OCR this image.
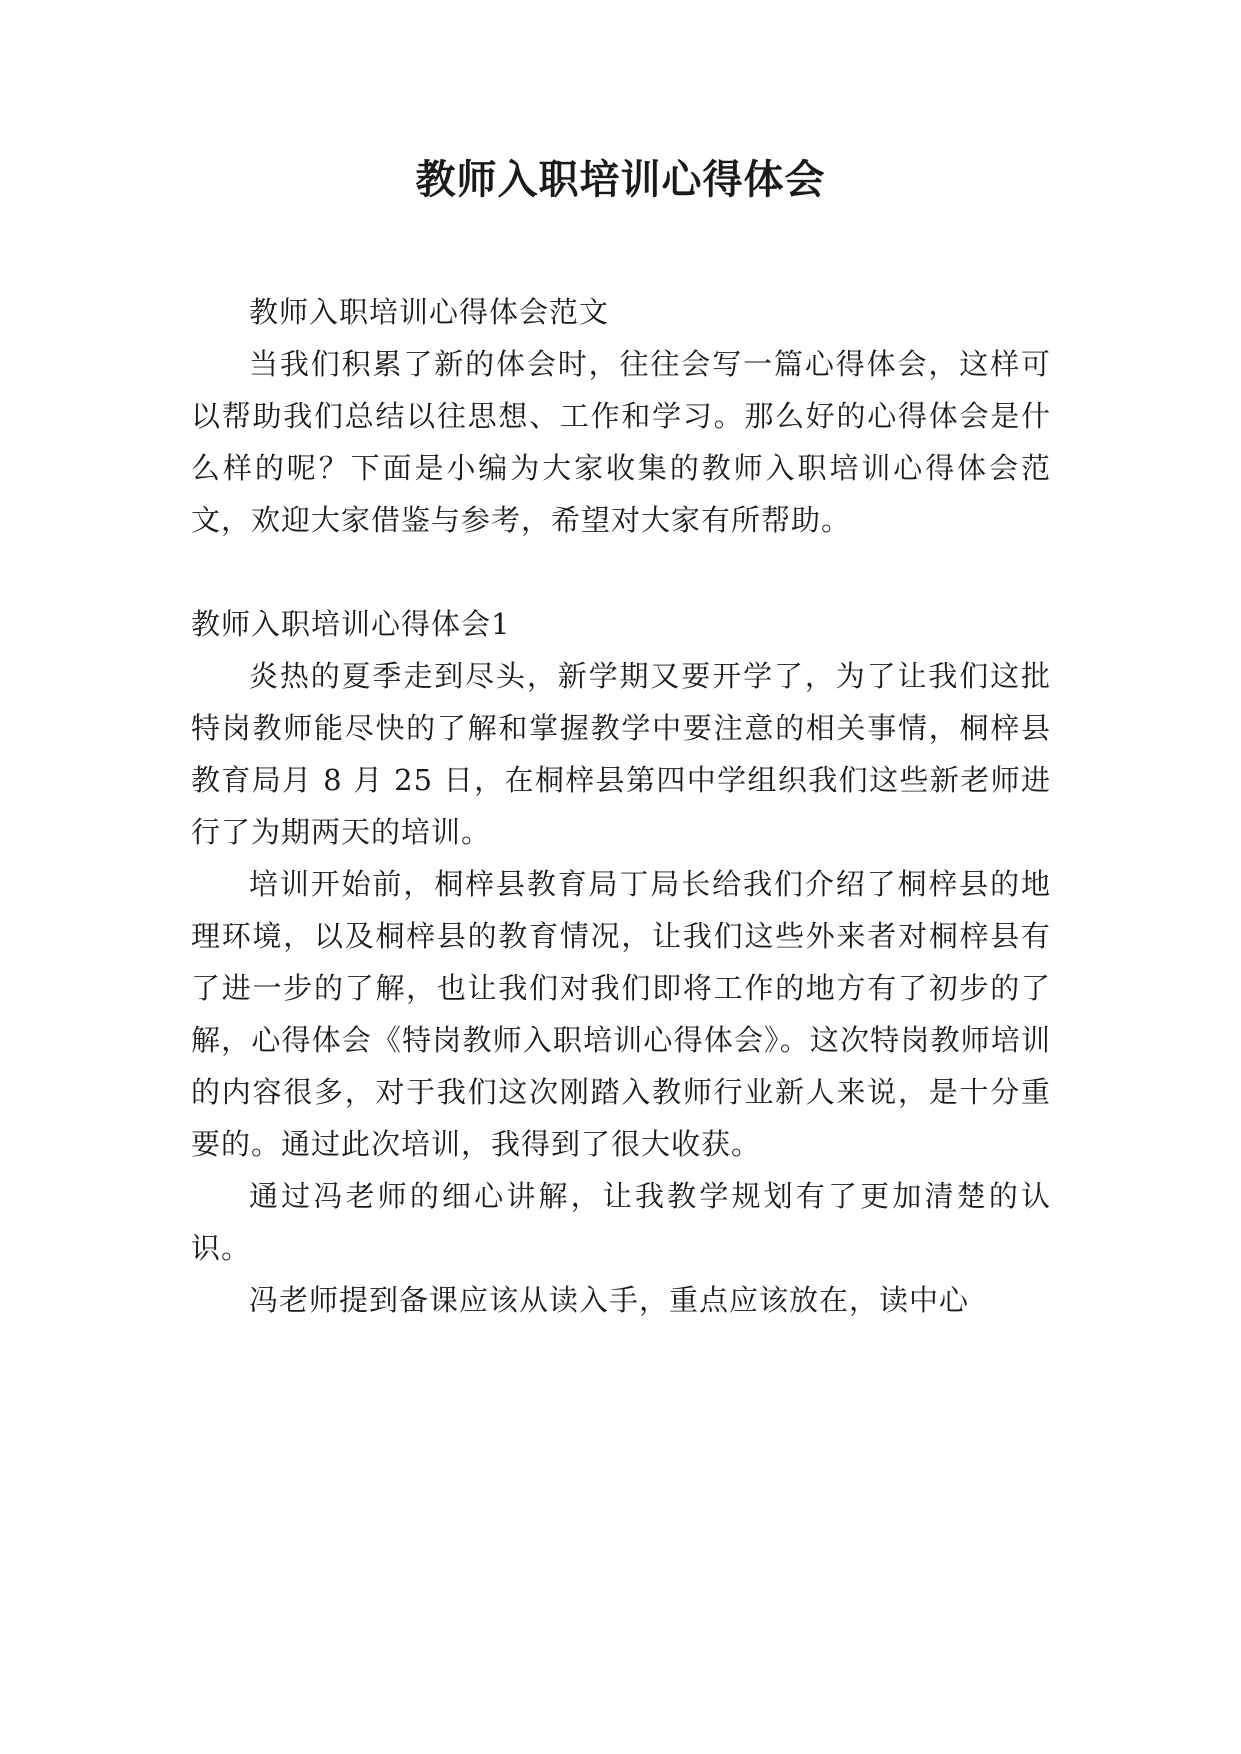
教师入职培训心得体会

教师入职培训心得体会范文

当我们积累了新的体会时，往往会写一篇心得体会，这样可以帮助我们总结以往思想、工作和学习。那么好的心得体会是什么样的呢？下面是小编为大家收集的教师入职培训心得体会范文，欢迎大家借鉴与参考，希望对大家有所帮助。

教师入职培训心得体会1

炎热的夏季走到尽头，新学期又要开学了，为了让我们这批特岗教师能尽快的了解和掌握教学中要注意的相关事情，桐梓县教育局月 8 月 25 日，在桐梓县第四中学组织我们这些新老师进行了为期两天的培训。

培训开始前，桐梓县教育局丁局长给我们介绍了桐梓县的地理环境，以及桐梓县的教育情况，让我们这些外来者对桐梓县有了进一步的了解，也让我们对我们即将工作的地方有了初步的了解，心得体会《特岗教师入职培训心得体会》。这次特岗教师培训的内容很多，对于我们这次刚踏入教师行业新人来说，是十分重要的。通过此次培训，我得到了很大收获。

通过冯老师的细心讲解，让我教学规划有了更加清楚的认识。

冯老师提到备课应该从读入手，重点应该放在，读中心
